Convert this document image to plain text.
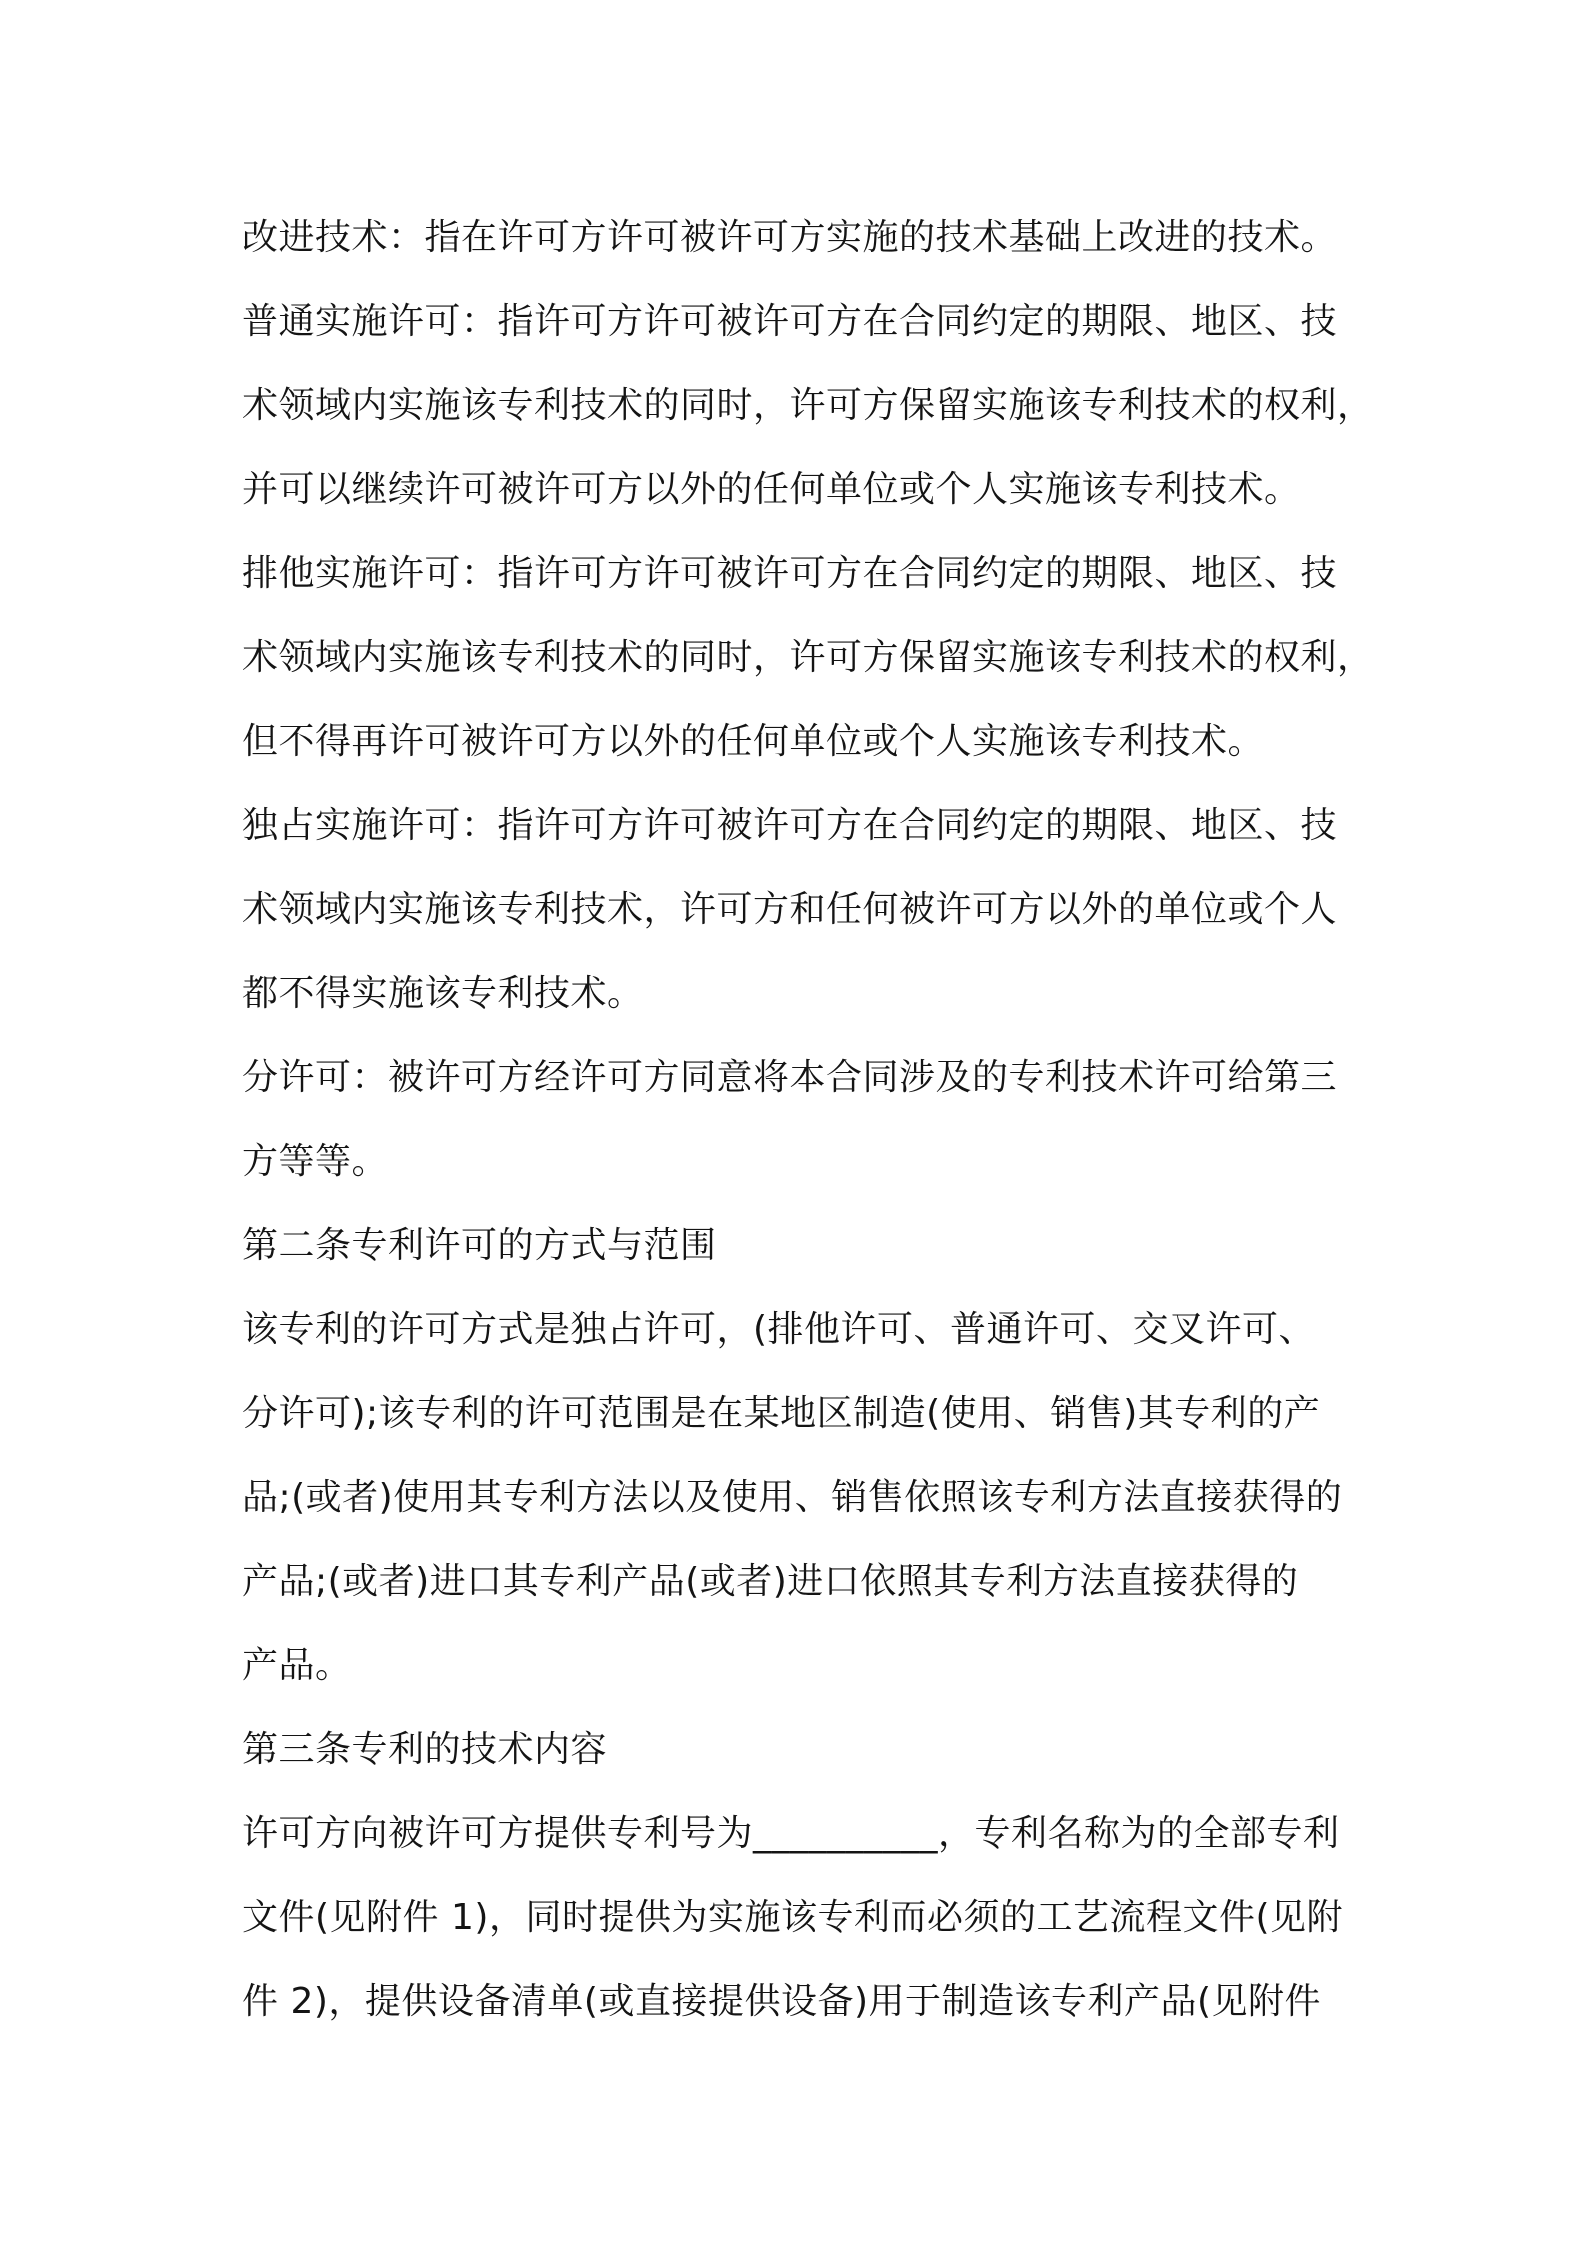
改进技术：指在许可方许可被许可方实施的技术基础上改进的技术。
普通实施许可：指许可方许可被许可方在合同约定的期限、地区、技
术领域内实施该专利技术的同时，许可方保留实施该专利技术的权利，
并可以继续许可被许可方以外的任何单位或个人实施该专利技术。
排他实施许可：指许可方许可被许可方在合同约定的期限、地区、技
术领域内实施该专利技术的同时，许可方保留实施该专利技术的权利，
但不得再许可被许可方以外的任何单位或个人实施该专利技术。
独占实施许可：指许可方许可被许可方在合同约定的期限、地区、技
术领域内实施该专利技术，许可方和任何被许可方以外的单位或个人
都不得实施该专利技术。
分许可：被许可方经许可方同意将本合同涉及的专利技术许可给第三
方等等。
第二条专利许可的方式与范围
该专利的许可方式是独占许可，(排他许可、普通许可、交叉许可、
分许可);该专利的许可范围是在某地区制造(使用、销售)其专利的产
品;(或者)使用其专利方法以及使用、销售依照该专利方法直接获得的
产品;(或者)进口其专利产品(或者)进口依照其专利方法直接获得的
产品。
第三条专利的技术内容
许可方向被许可方提供专利号为__________，专利名称为的全部专利
文件(见附件 1)，同时提供为实施该专利而必须的工艺流程文件(见附
件 2)，提供设备清单(或直接提供设备)用于制造该专利产品(见附件
